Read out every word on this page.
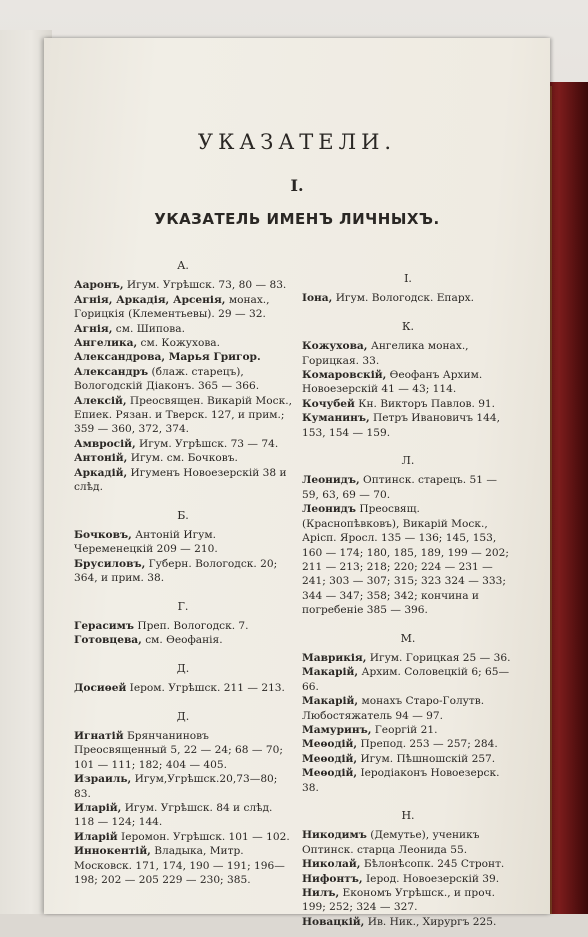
УКАЗАТЕЛИ.
I.
УКАЗАТЕЛЬ ИМЕНЪ ЛИЧНЫХЪ.
А.
Ааронъ, Игум. Угрѣшск. 73, 80 — 83.
Агнія, Аркадія, Арсенія, монах., Горицкія (Клементьевы). 29 — 32.
Агнія, см. Шипова.
Ангелика, см. Кожухова.
Александрова, Марья Григор.
Александръ (блаж. старецъ), Вологодскій Діаконъ. 365 — 366.
Алексій, Преосвящен. Викарій Моск., Епиек. Рязан. и Тверск. 127, и прим.; 359 — 360, 372, 374.
Амвросій, Игум. Угрѣшск. 73 — 74.
Антоній, Игум. см. Бочковъ.
Аркадій, Игуменъ Новоезерскій 38 и слѣд.
Б.
Бочковъ, Антоній Игум. Череменецкій 209 — 210.
Брусиловъ, Губерн. Вологодск. 20; 364, и прим. 38.
Г.
Герасимъ Преп. Вологодск. 7.
Готовцева, см. Ѳеофанія.
Д.
Досиѳей Іером. Угрѣшск. 211 — 213.
Д.
Игнатій Брянчаниновъ Преосвященный 5, 22 — 24; 68 — 70; 101 — 111; 182; 404 — 405.
Израиль, Игум,Угрѣшск.20,73—80; 83.
Иларій, Игум. Угрѣшск. 84 и слѣд. 118 — 124; 144.
Иларій Іеромон. Угрѣшск. 101 — 102.
Иннокентій, Владыка, Митр. Московск. 171, 174, 190 — 191; 196—198; 202 — 205 229 — 230; 385.
І.
Іона, Игум. Вологодск. Епарх.
К.
Кожухова, Ангелика монах., Горицкая. 33.
Комаровскій, Ѳеофанъ Архим. Новоезерскій 41 — 43; 114.
Кочубей Кн. Викторъ Павлов. 91.
Куманинъ, Петръ Ивановичъ 144, 153, 154 — 159.
Л.
Леонидъ, Оптинск. старецъ. 51 — 59, 63, 69 — 70.
Леонидъ Преосвящ. (Краснопѣвковъ), Викарій Моск., Арісп. Яросл. 135 — 136; 145, 153, 160 — 174; 180, 185, 189, 199 — 202; 211 — 213; 218; 220; 224 — 231 — 241; 303 — 307; 315; 323 324 — 333; 344 — 347; 358; 342; кончина и погребеніе 385 — 396.
М.
Маврикія, Игум. Горицкая 25 — 36.
Макарій, Архим. Соловецкій 6; 65—66.
Макарій, монахъ Старо-Голутв. Любостяжатель 94 — 97.
Мамуринъ, Георгій 21.
Меѳодій, Препод. 253 — 257; 284.
Меѳодій, Игум. Пѣшношскій 257.
Меѳодій, Іеродіаконъ Новоезерск. 38.
Н.
Никодимъ (Демутье), ученикъ Оптинск. старца Леонида 55.
Николай, Бѣлонѣсопк. 245 Стронт.
Нифонтъ, Іерод. Новоезерскій 39.
Нилъ, Економъ Угрѣшск., и проч. 199; 252; 324 — 327.
Новацкій, Ив. Ник., Хирургъ 225.
